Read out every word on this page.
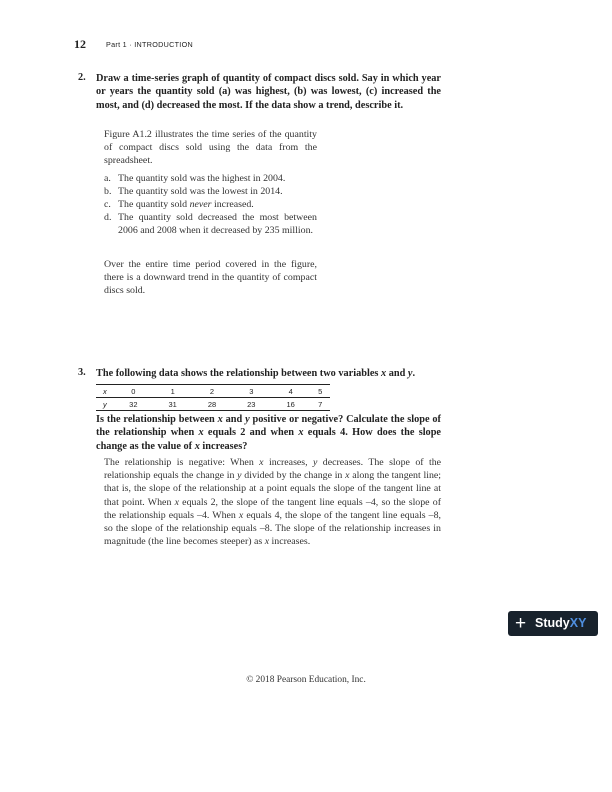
12	Part 1 · INTRODUCTION
2. Draw a time-series graph of quantity of compact discs sold. Say in which year or years the quantity sold (a) was highest, (b) was lowest, (c) increased the most, and (d) decreased the most. If the data show a trend, describe it.
Figure A1.2 illustrates the time series of the quantity of compact discs sold using the data from the spreadsheet.
a. The quantity sold was the highest in 2004.
b. The quantity sold was the lowest in 2014.
c. The quantity sold never increased.
d. The quantity sold decreased the most between 2006 and 2008 when it decreased by 235 million.
Over the entire time period covered in the figure, there is a downward trend in the quantity of compact discs sold.
3. The following data shows the relationship between two variables x and y.
x	0	1	2	3	4	5
y	32	31	28	23	16	7
Is the relationship between x and y positive or negative? Calculate the slope of the relationship when x equals 2 and when x equals 4. How does the slope change as the value of x increases?
The relationship is negative: When x increases, y decreases. The slope of the relationship equals the change in y divided by the change in x along the tangent line; that is, the slope of the relationship at a point equals the slope of the tangent line at that point. When x equals 2, the slope of the tangent line equals –4, so the slope of the relationship equals –4. When x equals 4, the slope of the tangent line equals –8, so the slope of the relationship equals –8. The slope of the relationship increases in magnitude (the line becomes steeper) as x increases.
+ StudyXY
© 2018 Pearson Education, Inc.
